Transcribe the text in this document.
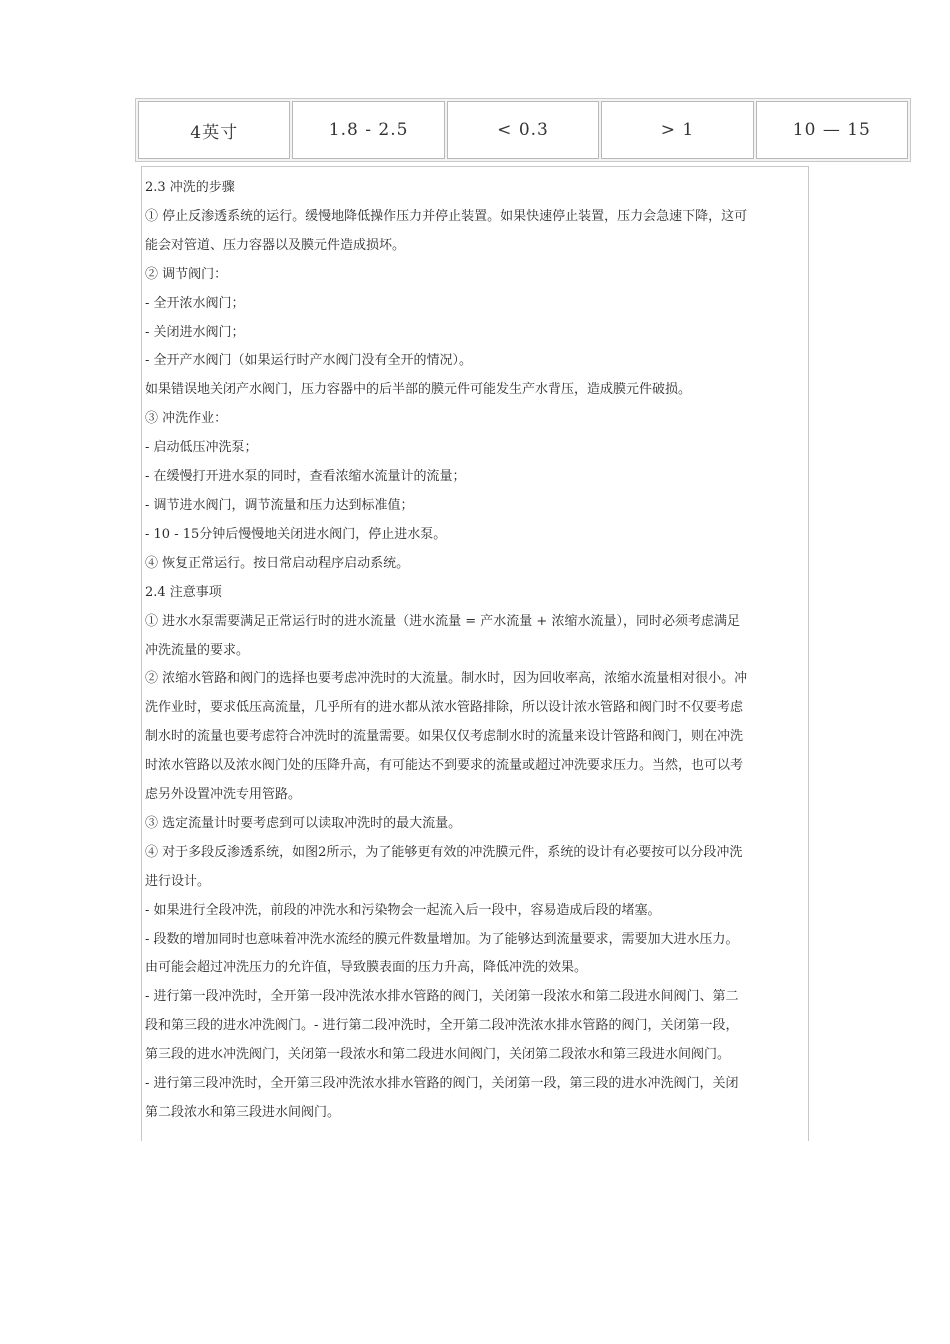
4英寸	1.8 - 2.5	< 0.3	> 1	10 — 15
2.3 冲洗的步骤
① 停止反渗透系统的运行。缓慢地降低操作压力并停止装置。如果快速停止装置，压力会急速下降，这可
能会对管道、压力容器以及膜元件造成损坏。
② 调节阀门：
- 全开浓水阀门；
- 关闭进水阀门；
- 全开产水阀门（如果运行时产水阀门没有全开的情况）。
如果错误地关闭产水阀门，压力容器中的后半部的膜元件可能发生产水背压，造成膜元件破损。
③ 冲洗作业：
- 启动低压冲洗泵；
- 在缓慢打开进水泵的同时，查看浓缩水流量计的流量；
- 调节进水阀门，调节流量和压力达到标准值；
- 10 - 15分钟后慢慢地关闭进水阀门，停止进水泵。
④ 恢复正常运行。按日常启动程序启动系统。
2.4 注意事项
① 进水水泵需要满足正常运行时的进水流量（进水流量 = 产水流量 + 浓缩水流量），同时必须考虑满足
冲洗流量的要求。
② 浓缩水管路和阀门的选择也要考虑冲洗时的大流量。制水时，因为回收率高，浓缩水流量相对很小。冲
洗作业时，要求低压高流量，几乎所有的进水都从浓水管路排除，所以设计浓水管路和阀门时不仅要考虑
制水时的流量也要考虑符合冲洗时的流量需要。如果仅仅考虑制水时的流量来设计管路和阀门，则在冲洗
时浓水管路以及浓水阀门处的压降升高，有可能达不到要求的流量或超过冲洗要求压力。当然，也可以考
虑另外设置冲洗专用管路。
③ 选定流量计时要考虑到可以读取冲洗时的最大流量。
④ 对于多段反渗透系统，如图2所示，为了能够更有效的冲洗膜元件，系统的设计有必要按可以分段冲洗
进行设计。
- 如果进行全段冲洗，前段的冲洗水和污染物会一起流入后一段中，容易造成后段的堵塞。
- 段数的增加同时也意味着冲洗水流经的膜元件数量增加。为了能够达到流量要求，需要加大进水压力。
由可能会超过冲洗压力的允许值，导致膜表面的压力升高，降低冲洗的效果。
- 进行第一段冲洗时，全开第一段冲洗浓水排水管路的阀门，关闭第一段浓水和第二段进水间阀门、第二
段和第三段的进水冲洗阀门。- 进行第二段冲洗时，全开第二段冲洗浓水排水管路的阀门，关闭第一段，
第三段的进水冲洗阀门，关闭第一段浓水和第二段进水间阀门，关闭第二段浓水和第三段进水间阀门。
- 进行第三段冲洗时，全开第三段冲洗浓水排水管路的阀门，关闭第一段，第三段的进水冲洗阀门，关闭
第二段浓水和第三段进水间阀门。
